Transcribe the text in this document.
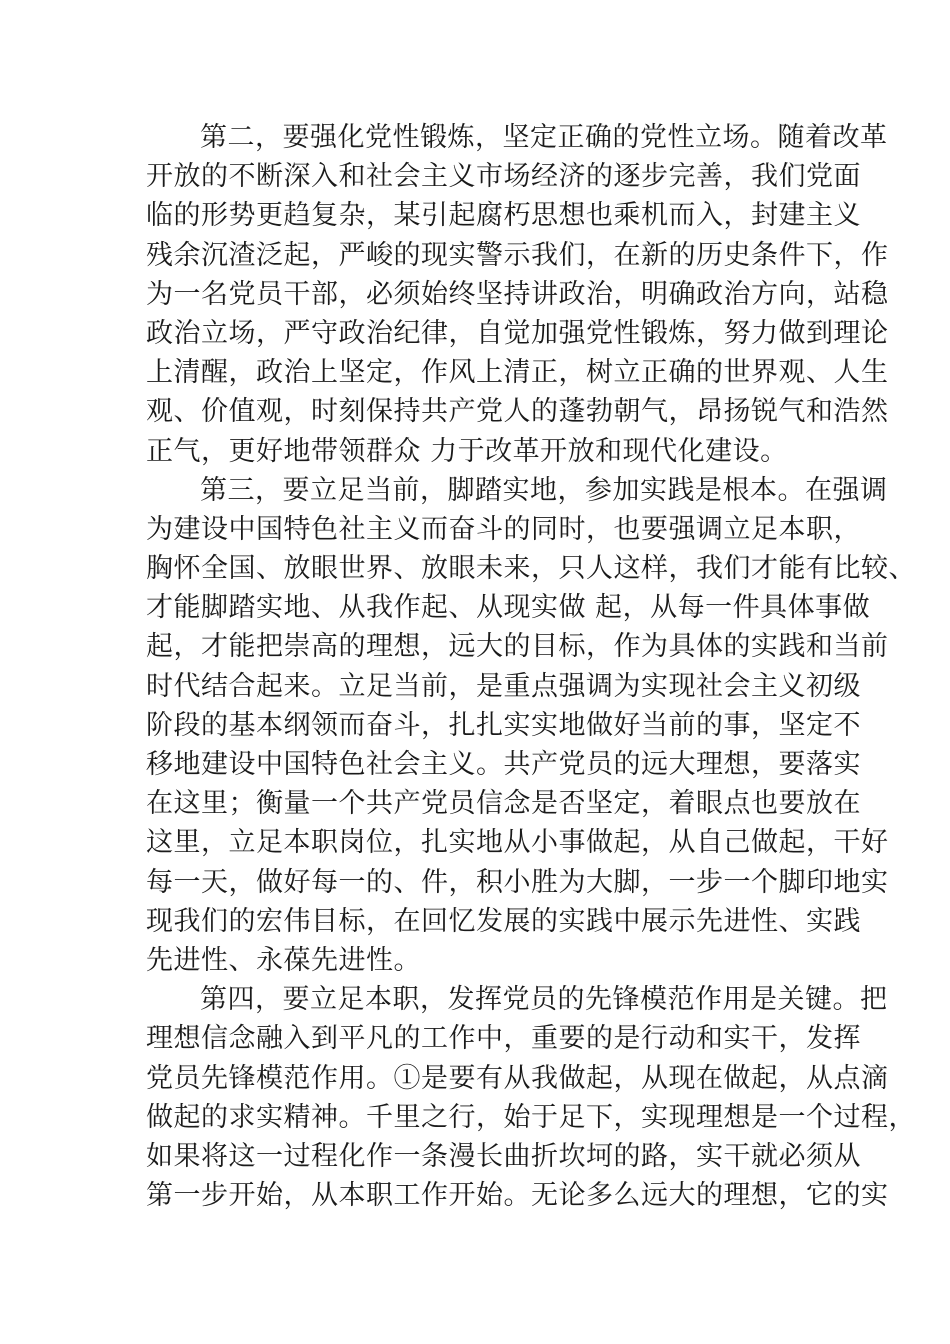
第二，要强化党性锻炼，坚定正确的党性立场。随着改革
开放的不断深入和社会主义市场经济的逐步完善，我们党面
临的形势更趋复杂，某引起腐朽思想也乘机而入，封建主义
残余沉渣泛起，严峻的现实警示我们，在新的历史条件下，作
为一名党员干部，必须始终坚持讲政治，明确政治方向，站稳
政治立场，严守政治纪律，自觉加强党性锻炼，努力做到理论
上清醒，政治上坚定，作风上清正，树立正确的世界观、人生
观、价值观，时刻保持共产党人的蓬勃朝气，昂扬锐气和浩然
正气，更好地带领群众 力于改革开放和现代化建设。
第三，要立足当前，脚踏实地，参加实践是根本。在强调
为建设中国特色社主义而奋斗的同时，也要强调立足本职，
胸怀全国、放眼世界、放眼未来，只人这样，我们才能有比较、
才能脚踏实地、从我作起、从现实做 起，从每一件具体事做
起，才能把崇高的理想，远大的目标，作为具体的实践和当前
时代结合起来。立足当前，是重点强调为实现社会主义初级
阶段的基本纲领而奋斗，扎扎实实地做好当前的事，坚定不
移地建设中国特色社会主义。共产党员的远大理想，要落实
在这里；衡量一个共产党员信念是否坚定，着眼点也要放在
这里，立足本职岗位，扎实地从小事做起，从自己做起，干好
每一天，做好每一的、件，积小胜为大脚，一步一个脚印地实
现我们的宏伟目标，在回忆发展的实践中展示先进性、实践
先进性、永葆先进性。
第四，要立足本职，发挥党员的先锋模范作用是关键。把
理想信念融入到平凡的工作中，重要的是行动和实干，发挥
党员先锋模范作用。①是要有从我做起，从现在做起，从点滴
做起的求实精神。千里之行，始于足下，实现理想是一个过程，
如果将这一过程化作一条漫长曲折坎坷的路，实干就必须从
第一步开始，从本职工作开始。无论多么远大的理想，它的实
